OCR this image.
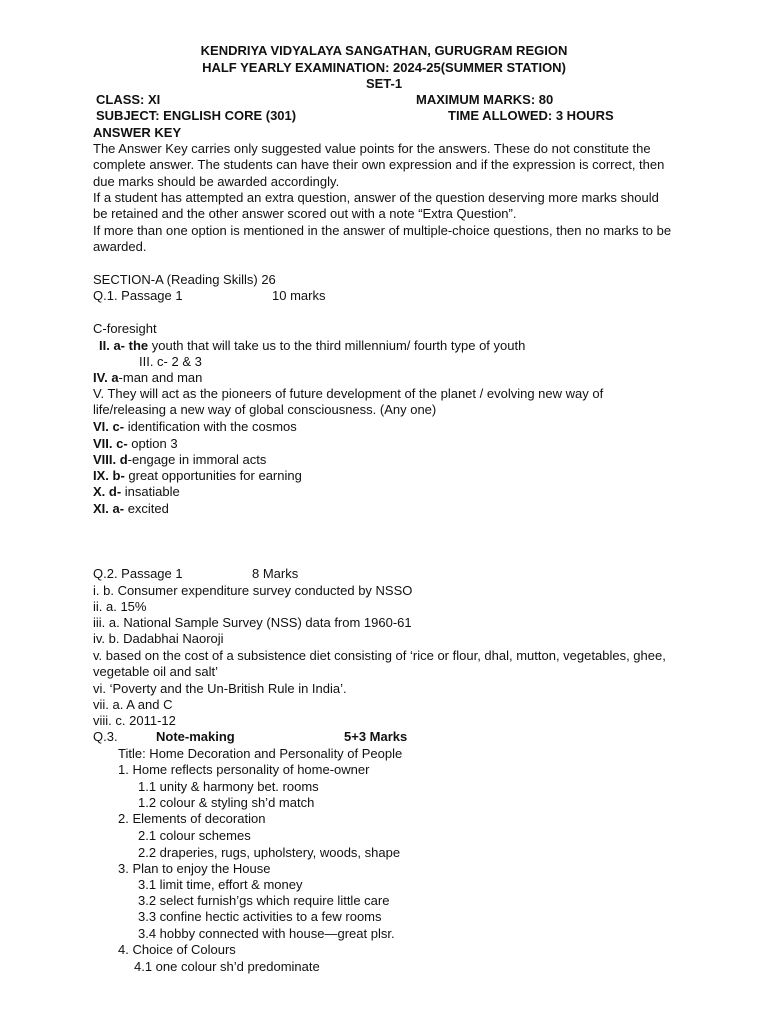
KENDRIYA VIDYALAYA SANGATHAN, GURUGRAM REGION
HALF YEARLY EXAMINATION: 2024-25(SUMMER STATION)
SET-1
CLASS: XI	MAXIMUM MARKS: 80
SUBJECT: ENGLISH CORE (301)	TIME ALLOWED: 3 HOURS
ANSWER KEY
The Answer Key carries only suggested value points for the answers. These do not constitute the complete answer. The students can have their own expression and if the expression is correct, then due marks should be awarded accordingly.
If a student has attempted an extra question, answer of the question deserving more marks should be retained and the other answer scored out with a note “Extra Question”.
If more than one option is mentioned in the answer of multiple-choice questions, then no marks to be awarded.
SECTION-A (Reading Skills) 26
Q.1. Passage 1	10 marks
C-foresight
II. a- the youth that will take us to the third millennium/ fourth type of youth
III. c- 2 & 3
IV. a-man and man
V. They will act as the pioneers of future development of the planet / evolving new way of life/releasing a new way of global consciousness. (Any one)
VI. c- identification with the cosmos
VII. c- option 3
VIII. d-engage in immoral acts
IX. b- great opportunities for earning
X. d- insatiable
XI. a- excited
Q.2. Passage 1	8 Marks
i. b. Consumer expenditure survey conducted by NSSO
ii. a. 15%
iii. a. National Sample Survey (NSS) data from 1960-61
iv. b. Dadabhai Naoroji
v. based on the cost of a subsistence diet consisting of ‘rice or flour, dhal, mutton, vegetables, ghee, vegetable oil and salt’
vi. ‘Poverty and the Un-British Rule in India’.
vii. a. A and C
viii. c. 2011-12
Q.3.	Note-making	5+3 Marks
Title: Home Decoration and Personality of People
1. Home reflects personality of home-owner
1.1 unity & harmony bet. rooms
1.2 colour & styling sh’d match
2. Elements of decoration
2.1 colour schemes
2.2 draperies, rugs, upholstery, woods, shape
3. Plan to enjoy the House
3.1 limit time, effort & money
3.2 select furnish’gs which require little care
3.3 confine hectic activities to a few rooms
3.4 hobby connected with house—great plsr.
4. Choice of Colours
4.1 one colour sh’d predominate
